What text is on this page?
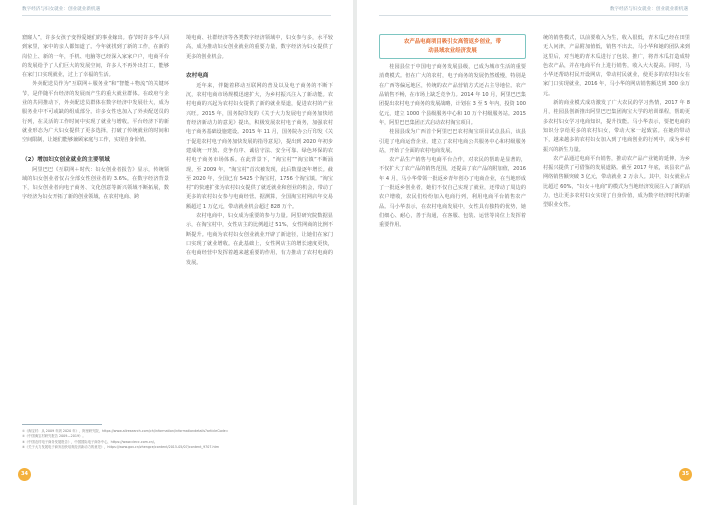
数字经济与妇女就业：创业就业新机遇

窟窿人”，许多女孩子变得爱她们的事业嫁出。春节时许多华人回到家里，家中的亲人都知道了。今年就找到了新的工作，在新的岗位上、新的一年，手机、电脑等已经深入家家户户，电商平台的发展给予了人们巨大的发展空间，许多人不再外出打工，能够在家门口实现就业，过上了幸福的生活。

外卖配送员作为“互联网＋服务业”和“智能＋物流”的关键环节，是伴随平台经济的发展而产生的重大就业群体。在政府与企业的共同推动下，外卖配送员群体在数字经济中发展壮大，成为服务业中不可或缺的组成部分。许多女性也加入了外卖配送员的行列，在灵活的工作时间中实现了就业与增收。平台经济下的新就业形态为广大妇女提供了更多选择，打破了传统就业的时间和空间限制，让她们能够兼顾家庭与工作，实现自身价值。

（2）增加妇女创业就业的主要领域

阿里巴巴《互联网＋时代：妇女创业者报告》显示，传统领域的妇女创业者仅占全部女性创业者的 3.6%。在数字经济背景下，妇女创业者向电子商务、文化创意等新兴领域不断拓展，数字经济为妇女开拓了新的创业领域，在农村电商、跨

境电商、社群经济等各类数字经济领域中，妇女参与多，水平较高，成为推动妇女创业就业的重要力量，数字经济为妇女提供了更多的创业机会。

农村电商

近年来，伴随着移动互联网的普及以及电子商务的不断下沉，农村电商市场规模迅速扩大，为乡村振兴注入了新动能。农村电商的兴起为农村妇女提供了新的就业渠道，促进农村的产业兴旺。2015 年，国务院印发的《关于大力发展电子商务加快培育经济新动力的意见》提出，积极发展农村电子商务，加强农村电子商务基础设施建设。2015 年 11 月，国务院办公厅印发《关于促进农村电子商务加快发展的指导意见》，提出到 2020 年初步建成统一开放、竞争有序、诚信守法、安全可靠、绿色环保的农村电子商务市场体系。在此背景下，“淘宝村”“淘宝镇”不断涌现，至 2009 年，“淘宝村”首次被发现，此后数量逐年增长。截至 2020 年，全国已有 5425 个淘宝村，1756 个淘宝镇。“淘宝村”的快速扩张为农村妇女提供了就近就业和创业的机会，带动了更多的农村妇女参与电商经营。据测算，全国淘宝村网店年交易额超过 1 万亿元，带动就业机会超过 828 万个。

农村电商中，妇女成为重要的参与力量。阿里研究院数据显示，在淘宝村中，女性店主的比例超过 51%，女性网商的比例不断提升。电商为农村妇女创业就业开辟了新途径，让她们在家门口实现了就业增收。在此基础上，女性网店主的增长速度更快，在电商经营中发挥着越来越重要的作用，有力推动了农村电商的发展。

①《淘宝村：从 2009 年到 2020 年》，阿里研究院，https://www.aliresearch.com/ch/information/informationdetails?articleCode=
②《中国淘宝村研究报告 2009—2019》。
③《中国农村电子商务发展报告》，中国国际电子商务中心，https://www.ciecc.com.cn/。
④《关于大力发展电子商务加快培育经济新动力的意见》，https://www.gov.cn/zhengce/content/2015-05/07/content_9707.htm
34
数字经济与妇女就业：创业就业新机遇
农产品电商项目吸引女高管返乡创业，带
动县域农业经济发展

桂园县位于中国电子商务发展县级，已成为城市生活的重要消费模式。但在广大的农村，电子商务的发展仍然缓慢，特别是在广西等偏远地区，传统的农产品营销方式还占主导地位。农产品销售不畅，在市场上缺乏竞争力。2014 年 10 月，阿里巴巴集团提出农村电子商务的发展战略，计划在 3 至 5 年内，投资 100 亿元，建立 1000 个县级服务中心和 10 万个村级服务站。2015 年，阿里巴巴集团正式启动农村淘宝项目。

桂园县成为广西首个阿里巴巴农村淘宝项目试点县后，该县引进了电商运营企业，建立了农村电商公共服务中心和村级服务站，开始了全面的农村电商发展。

农产品生产销售与电商平台合作，对农民的帮助是显著的，不仅扩大了农产品的销售范围，还提高了农产品的附加值，2016 年 4 月，马小华带领一批返乡青年创办了电商企业，在当地形成了一批返乡创业者，她们不仅自己实现了就业，还带动了周边的农户增收，农民们纷纷加入电商行列，利用电商平台销售农产品。马小华表示，在农村电商发展中，女性具有独特的优势，她们细心、耐心，善于沟通，在客服、包装、运营等岗位上发挥着重要作用。

统的销售模式，以前要收入为生，收入很低，青木瓜已经在田里无人问津，产品附加值低，销售不出去。马小华和她的团队来到这里后，对当地的青木瓜进行了包装、推广，将青木瓜打造成特色农产品，并在电商平台上进行销售，收入大大提高。同时，马小华还帮助村民开设网店，带动村民就业，使更多的农村妇女在家门口实现就业，2016 年，马小华的网店销售额达到 300 余万元。

新的商业模式成功激发了广大农民的学习热情，2017 年 8 月，桂园县创新推出阿里巴巴集团淘宝大学的培训课程，帮助更多农村妇女学习电商知识，提升技能。马小华表示，要把电商的知识分享给更多的农村妇女，带动大家一起致富。在她的带动下，越来越多的农村妇女加入到了电商创业的行列中，成为乡村振兴的新生力量。

农产品通过电商平台销售，推动农产品产业链的延伸，为乡村振兴提供了可借鉴的发展道路。截至 2017 年底，该县农产品网络销售额突破 3 亿元，带动就业 2 万余人。其中，妇女就业占比超过 60%，“妇女＋电商”的模式为当地经济发展注入了新的活力，也让更多农村妇女实现了自身价值，成为数字经济时代的新型职业女性。

35
